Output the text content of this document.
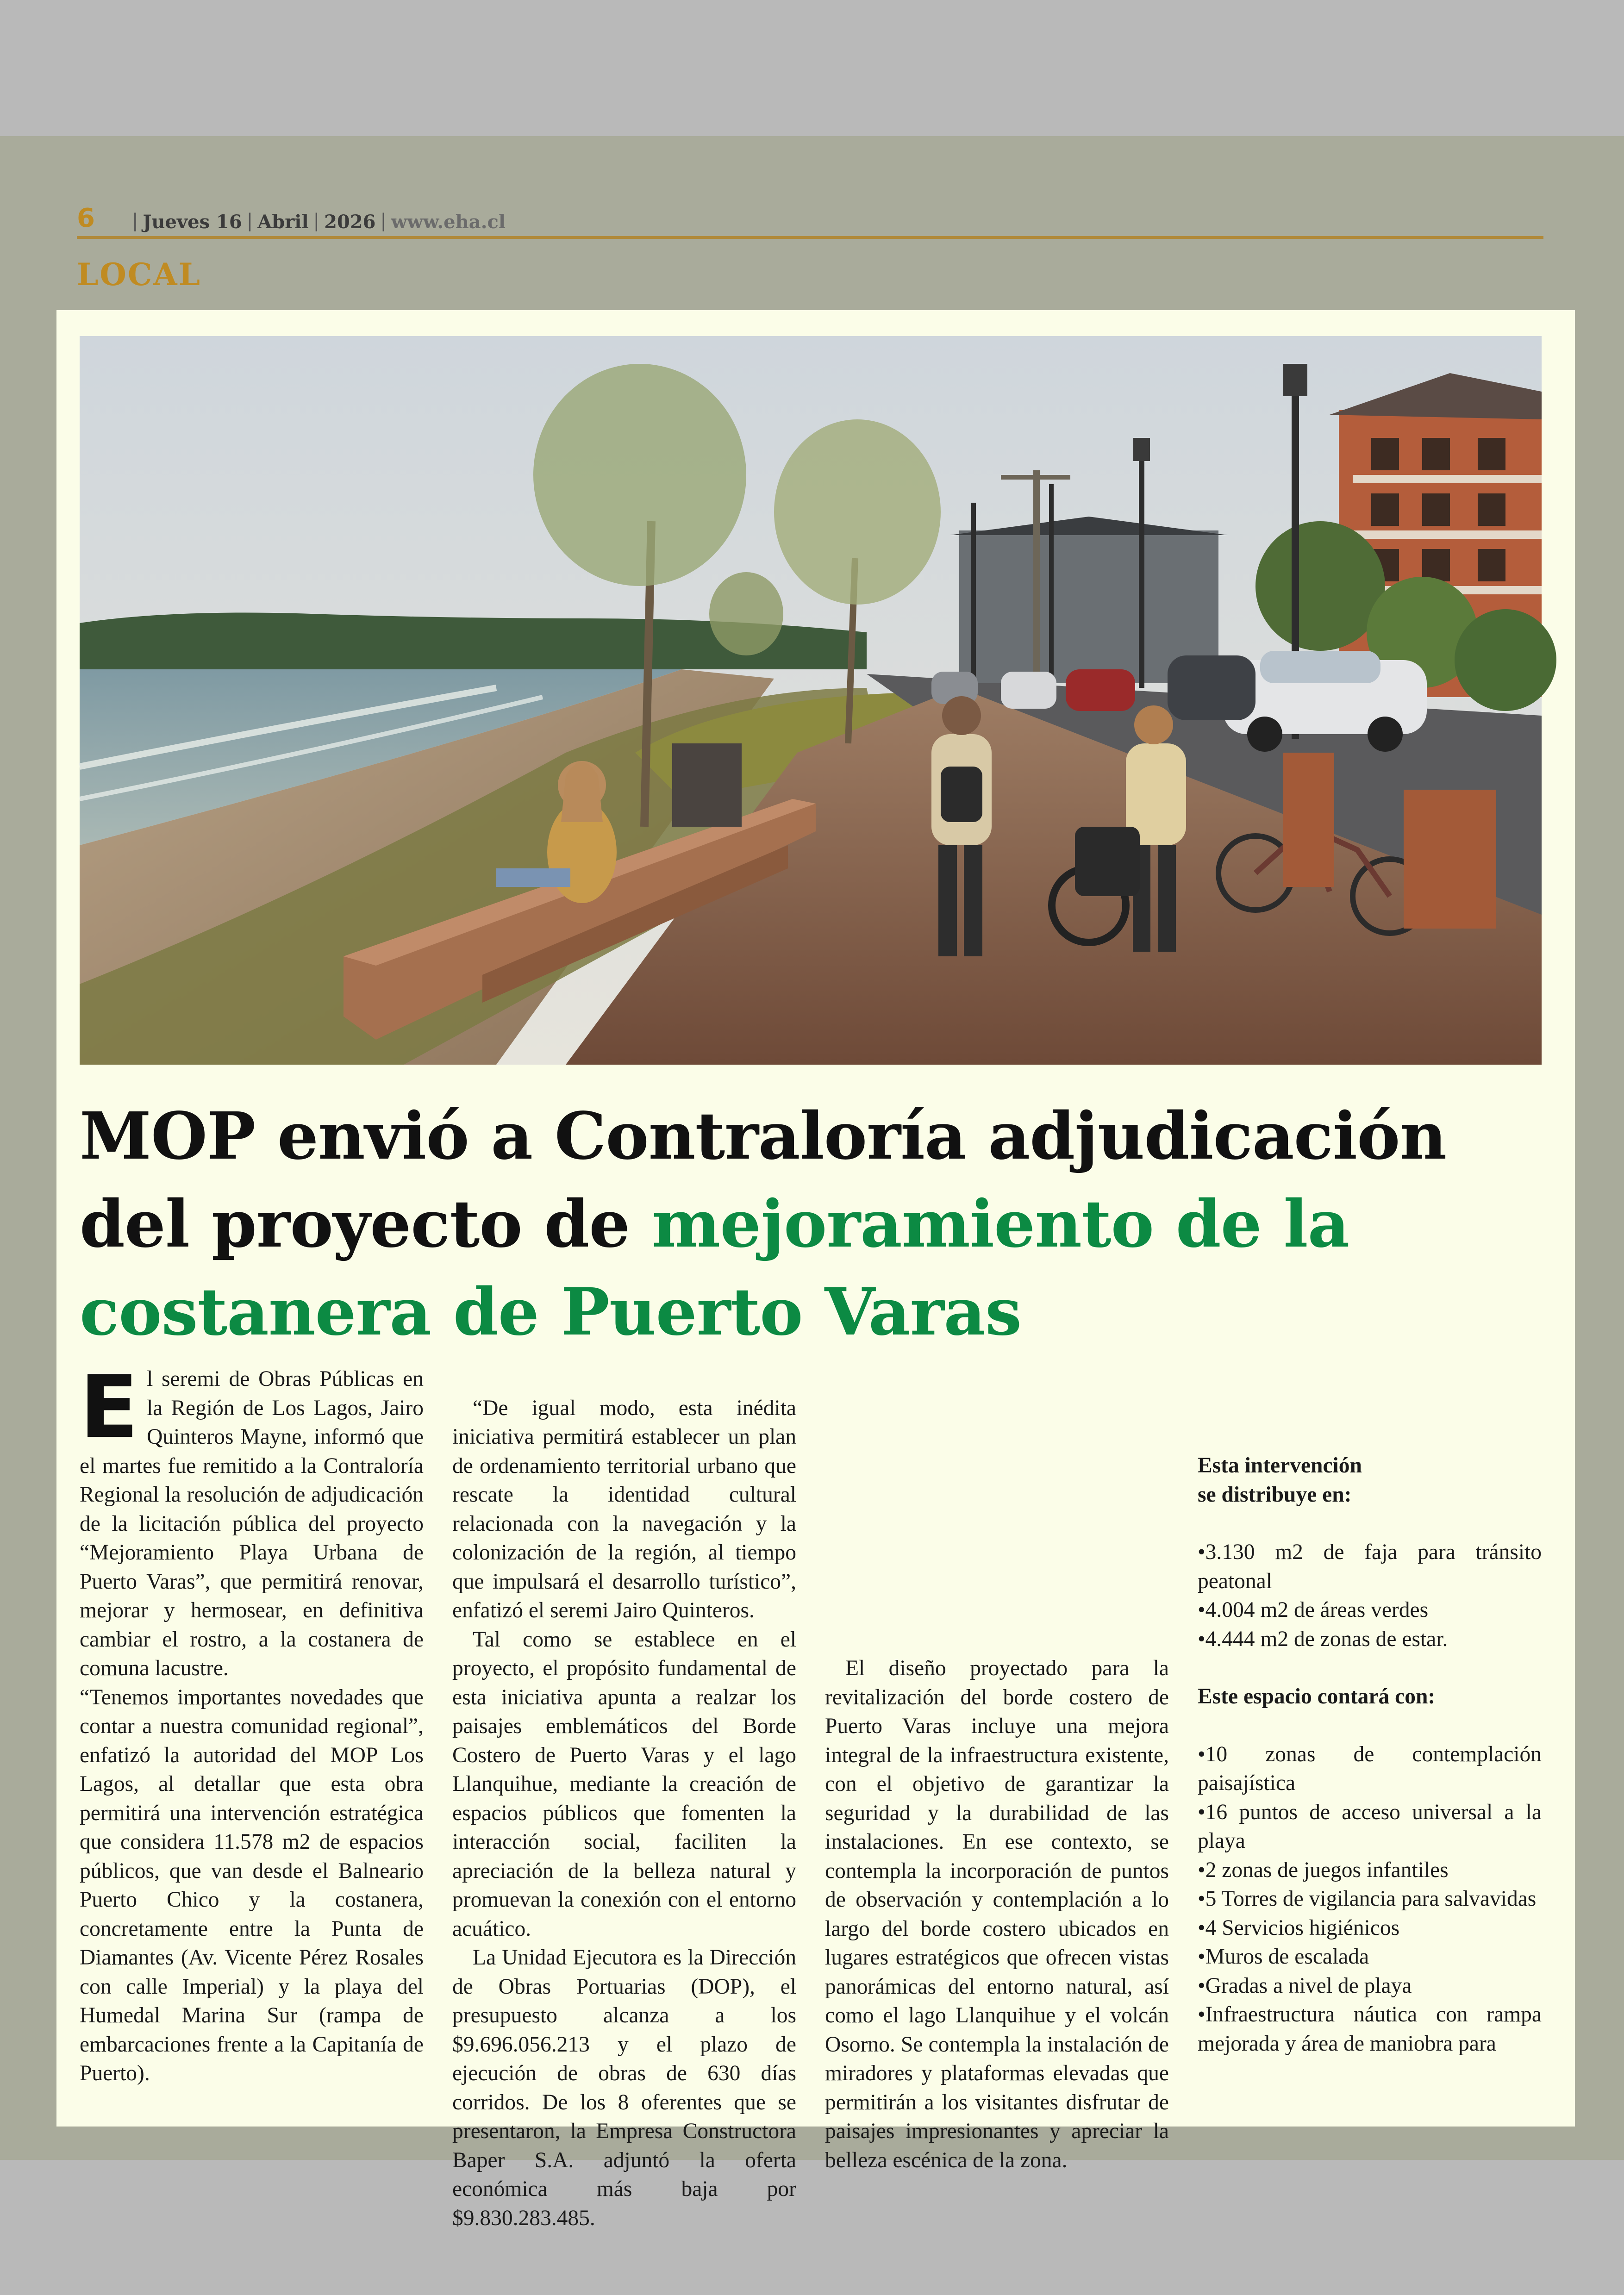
6 | Jueves 16 | Abril | 2026 | www.eha.cl
LOCAL
MOP envió a Contraloría adjudicación del proyecto de mejoramiento de la costanera de Puerto Varas

El seremi de Obras Públicas en la Región de Los Lagos, Jairo Quinteros Mayne, informó que el martes fue remitido a la Contraloría Regional la resolución de adjudicación de la licitación pública del proyecto “Mejoramiento Playa Urbana de Puerto Varas”, que permitirá renovar, mejorar y hermosear, en definitiva cambiar el rostro, a la costanera de comuna lacustre.

“Tenemos importantes novedades que contar a nuestra comunidad regional”, enfatizó la autoridad del MOP Los Lagos, al detallar que esta obra permitirá una intervención estratégica que considera 11.578 m2 de espacios públicos, que van desde el Balneario Puerto Chico y la costanera, concretamente entre la Punta de Diamantes (Av. Vicente Pérez Rosales con calle Imperial) y la playa del Humedal Marina Sur (rampa de embarcaciones frente a la Capitanía de Puerto).

“De igual modo, esta inédita iniciativa permitirá establecer un plan de ordenamiento territorial urbano que rescate la identidad cultural relacionada con la navegación y la colonización de la región, al tiempo que impulsará el desarrollo turístico”, enfatizó el seremi Jairo Quinteros.

Tal como se establece en el proyecto, el propósito fundamental de esta iniciativa apunta a realzar los paisajes emblemáticos del Borde Costero de Puerto Varas y el lago Llanquihue, mediante la creación de espacios públicos que fomenten la interacción social, faciliten la apreciación de la belleza natural y promuevan la conexión con el entorno acuático.

La Unidad Ejecutora es la Dirección de Obras Portuarias (DOP), el presupuesto alcanza a los $9.696.056.213 y el plazo de ejecución de obras de 630 días corridos. De los 8 oferentes que se presentaron, la Empresa Constructora Baper S.A. adjuntó la oferta económica más baja por $9.830.283.485.

El diseño proyectado para la revitalización del borde costero de Puerto Varas incluye una mejora integral de la infraestructura existente, con el objetivo de garantizar la seguridad y la durabilidad de las instalaciones. En ese contexto, se contempla la incorporación de puntos de observación y contemplación a lo largo del borde costero ubicados en lugares estratégicos que ofrecen vistas panorámicas del entorno natural, así como el lago Llanquihue y el volcán Osorno. Se contempla la instalación de miradores y plataformas elevadas que permitirán a los visitantes disfrutar de paisajes impresionantes y apreciar la belleza escénica de la zona.

Esta intervención
se distribuye en:

•3.130 m2 de faja para tránsito peatonal
•4.004 m2 de áreas verdes
•4.444 m2 de zonas de estar.

Este espacio contará con:

•10 zonas de contemplación paisajística
•16 puntos de acceso universal a la playa
•2 zonas de juegos infantiles
•5 Torres de vigilancia para salvavidas
•4 Servicios higiénicos
•Muros de escalada
•Gradas a nivel de playa
•Infraestructura náutica con rampa mejorada y área de maniobra para
